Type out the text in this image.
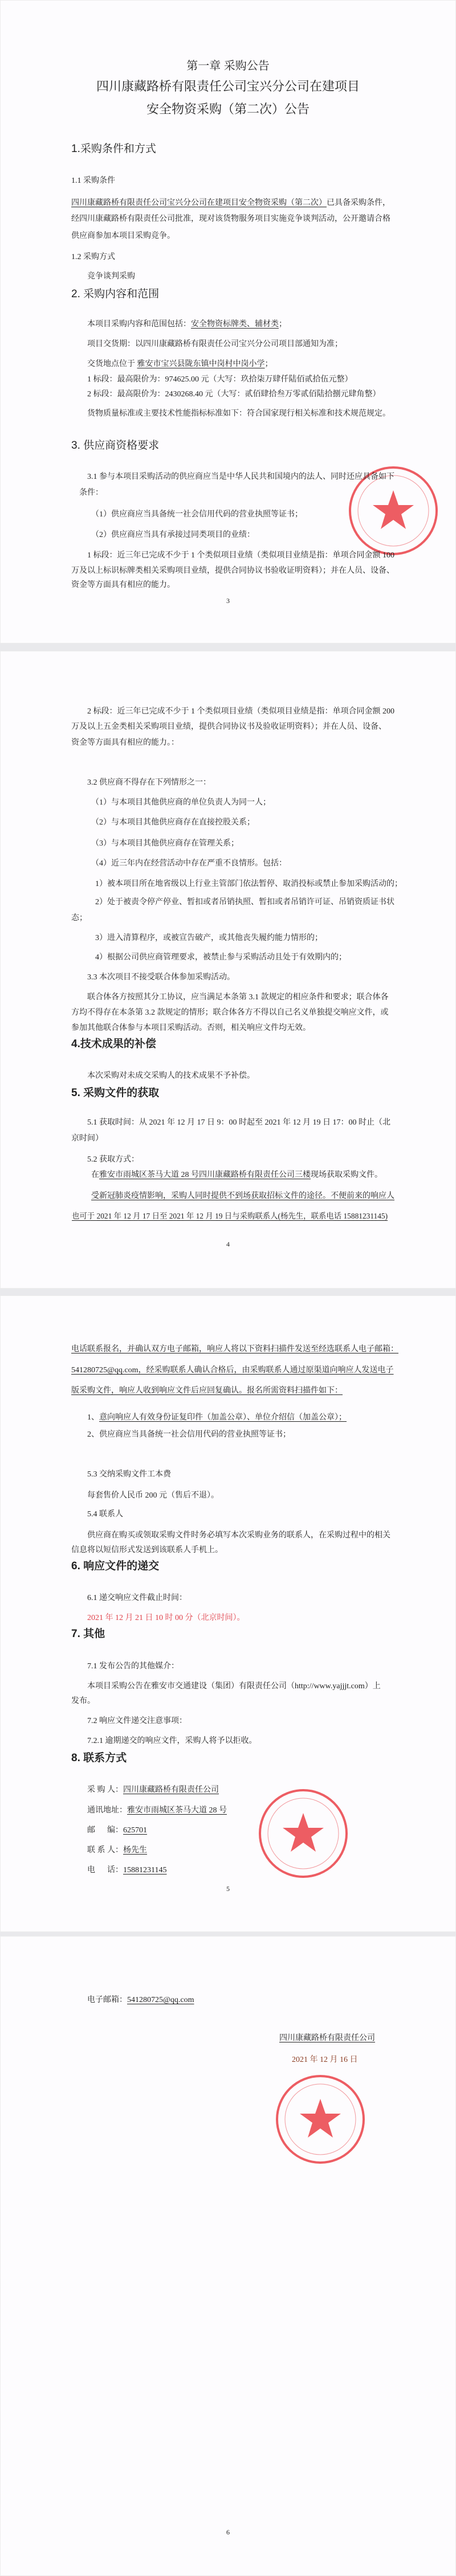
第一章 采购公告
四川康藏路桥有限责任公司宝兴分公司在建项目
安全物资采购（第二次）公告
1.采购条件和方式
1.1 采购条件
四川康藏路桥有限责任公司宝兴分公司在建项目安全物资采购（第二次）已具备采购条件，
经四川康藏路桥有限责任公司批准，现对该货物服务项目实施竞争谈判活动，公开邀请合格
供应商参加本项目采购竞争。
1.2 采购方式
竞争谈判采购
2. 采购内容和范围
本项目采购内容和范围包括：安全物资标牌类、辅材类；
项目交货期：以四川康藏路桥有限责任公司宝兴分公司项目部通知为准；
交货地点位于 雅安市宝兴县陇东镇中岗村中岗小学；
1 标段：最高限价为：974625.00 元（大写：玖拾柒万肆仟陆佰贰拾伍元整）
2 标段：最高限价为：2430268.40 元（大写：贰佰肆拾叁万零贰佰陆拾捌元肆角整）
货物质量标准或主要技术性能指标标准如下：符合国家现行相关标准和技术规范规定。
3. 供应商资格要求
3.1 参与本项目采购活动的供应商应当是中华人民共和国境内的法人、同时还应具备如下
条件：
（1）供应商应当具备统一社会信用代码的营业执照等证书；
（2）供应商应当具有承接过同类项目的业绩：
1 标段：近三年已完成不少于 1 个类似项目业绩（类似项目业绩是指：单项合同金额 100
万及以上标识标牌类相关采购项目业绩，提供合同协议书验收证明资料）；并在人员、设备、
资金等方面具有相应的能力。
3
2 标段：近三年已完成不少于 1 个类似项目业绩（类似项目业绩是指：单项合同金额 200
万及以上五金类相关采购项目业绩，提供合同协议书及验收证明资料）；并在人员、设备、
资金等方面具有相应的能力。：
3.2 供应商不得存在下列情形之一：
（1）与本项目其他供应商的单位负责人为同一人；
（2）与本项目其他供应商存在直接控股关系；
（3）与本项目其他供应商存在管理关系；
（4）近三年内在经营活动中存在严重不良情形。包括：
1）被本项目所在地省级以上行业主管部门依法暂停、取消投标或禁止参加采购活动的；
2）处于被责令停产停业、暂扣或者吊销执照、暂扣或者吊销许可证、吊销资质证书状
态；
3）进入清算程序，或被宣告破产，或其他丧失履约能力情形的；
4）根据公司供应商管理要求，被禁止参与采购活动且处于有效期内的；
3.3 本次项目不接受联合体参加采购活动。
联合体各方按照其分工协议，应当满足本条第 3.1 款规定的相应条件和要求；联合体各
方均不得存在本条第 3.2 款规定的情形；联合体各方不得以自己名义单独提交响应文件，或
参加其他联合体参与本项目采购活动。否则，相关响应文件均无效。
4.技术成果的补偿
本次采购对未成交采购人的技术成果不予补偿。
5. 采购文件的获取
5.1 获取时间：从 2021 年 12 月 17 日 9：00 时起至 2021 年 12 月 19 日 17：00 时止（北
京时间）
5.2 获取方式：
在雅安市雨城区茶马大道 28 号四川康藏路桥有限责任公司三楼现场获取采购文件。
受新冠肺炎疫情影响，采购人同时提供不到场获取招标文件的途径。不便前来的响应人
也可于 2021 年 12 月 17 日至 2021 年 12 月 19 日与采购联系人(杨先生，联系电话 15881231145)
4
电话联系报名，并确认双方电子邮箱，响应人将以下资料扫描件发送至经选联系人电子邮箱：
541280725@qq.com，经采购联系人确认合格后，由采购联系人通过原渠道向响应人发送电子
版采购文件，响应人收到响应文件后应回复确认。报名所需资料扫描件如下：
1、意向响应人有效身份证复印件（加盖公章）、单位介绍信（加盖公章）；
2、供应商应当具备统一社会信用代码的营业执照等证书；
5.3 交纳采购文件工本费
每套售价人民币 200 元（售后不退）。
5.4 联系人
供应商在购买或领取采购文件时务必填写本次采购业务的联系人，在采购过程中的相关
信息将以短信形式发送到该联系人手机上。
6. 响应文件的递交
6.1 递交响应文件截止时间：
2021 年 12 月 21 日 10 时 00 分（北京时间）。
7. 其他
7.1 发布公告的其他媒介：
本项目采购公告在雅安市交通建设（集团）有限责任公司（http://www.yajjjt.com）上
发布。
7.2 响应文件递交注意事项：
7.2.1 逾期递交的响应文件，采购人将予以拒收。
8. 联系方式
采 购 人：四川康藏路桥有限责任公司
通讯地址：雅安市雨城区茶马大道 28 号
邮      编：625701
联 系 人：杨先生
电      话：15881231145
5
电子邮箱：541280725@qq.com
四川康藏路桥有限责任公司
2021 年 12 月 16 日
6
